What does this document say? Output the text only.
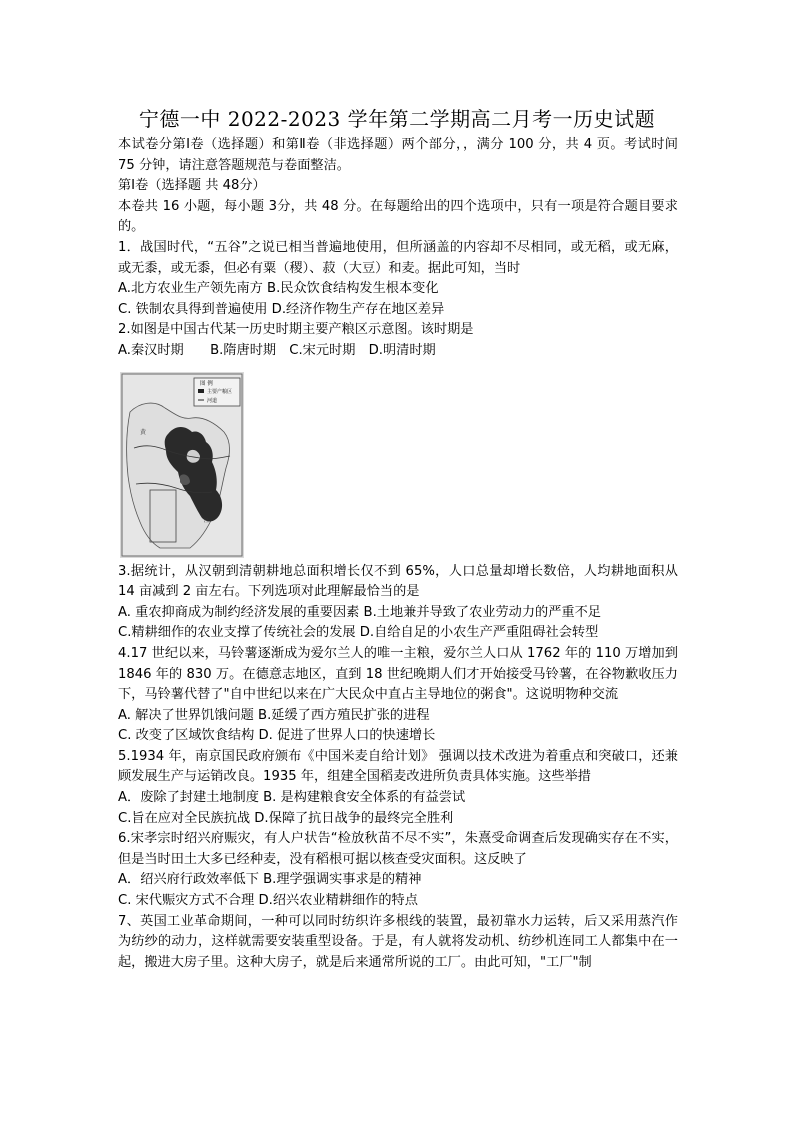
宁德一中 2022-2023 学年第二学期高二月考一历史试题
本试卷分第Ⅰ卷（选择题）和第Ⅱ卷（非选择题）两个部分，，满分 100 分，共 4 页。考试时间 75 分钟，请注意答题规范与卷面整洁。
第Ⅰ卷（选择题 共 48分）
本卷共 16 小题，每小题 3分，共 48 分。在每题给出的四个选项中，只有一项是符合题目要求的。
1．战国时代，“五谷”之说已相当普遍地使用，但所涵盖的内容却不尽相同，或无稻，或无麻，或无黍，或无黍，但必有粟（稷）、菽（大豆）和麦。据此可知，当时
A.北方农业生产领先南方 B.民众饮食结构发生根本变化
C. 铁制农具得到普遍使用 D.经济作物生产存在地区差异
2.如图是中国古代某一历史时期主要产粮区示意图。该时期是
A.秦汉时期　　B.隋唐时期　C.宋元时期　D.明清时期
图 例
主要产粮区
河道
黄
江
3.据统计，从汉朝到清朝耕地总面积增长仅不到 65%，人口总量却增长数倍，人均耕地面积从 14 亩减到 2 亩左右。下列选项对此理解最恰当的是
A. 重农抑商成为制约经济发展的重要因素 B.土地兼并导致了农业劳动力的严重不足
C.精耕细作的农业支撑了传统社会的发展 D.自给自足的小农生产严重阻碍社会转型
4.17 世纪以来，马铃薯逐渐成为爱尔兰人的唯一主粮，爱尔兰人口从 1762 年的 110 万增加到 1846 年的 830 万。在德意志地区，直到 18 世纪晚期人们才开始接受马铃薯，在谷物歉收压力下，马铃薯代替了"自中世纪以来在广大民众中直占主导地位的粥食"。这说明物种交流
A. 解决了世界饥饿问题 B.延缓了西方殖民扩张的进程
C. 改变了区域饮食结构 D. 促进了世界人口的快速增长
5.1934 年，南京国民政府颁布《中国米麦自给计划》 强调以技术改进为着重点和突破口，还兼顾发展生产与运销改良。1935 年，组建全国稻麦改进所负责具体实施。这些举措
A．废除了封建土地制度 B. 是构建粮食安全体系的有益尝试
C.旨在应对全民族抗战 D.保障了抗日战争的最终完全胜利
6.宋孝宗时绍兴府赈灾，有人户状告“检放秋苗不尽不实”，朱熹受命调查后发现确实存在不实，但是当时田土大多已经种麦，没有稻根可据以核查受灾面积。这反映了
A．绍兴府行政效率低下 B.理学强调实事求是的精神
C. 宋代赈灾方式不合理 D.绍兴农业精耕细作的特点
7、英国工业革命期间，一种可以同时纺织许多根线的装置，最初靠水力运转，后又采用蒸汽作为纺纱的动力，这样就需要安装重型设备。于是，有人就将发动机、纺纱机连同工人都集中在一起，搬进大房子里。这种大房子，就是后来通常所说的工厂。由此可知，"工厂"制
